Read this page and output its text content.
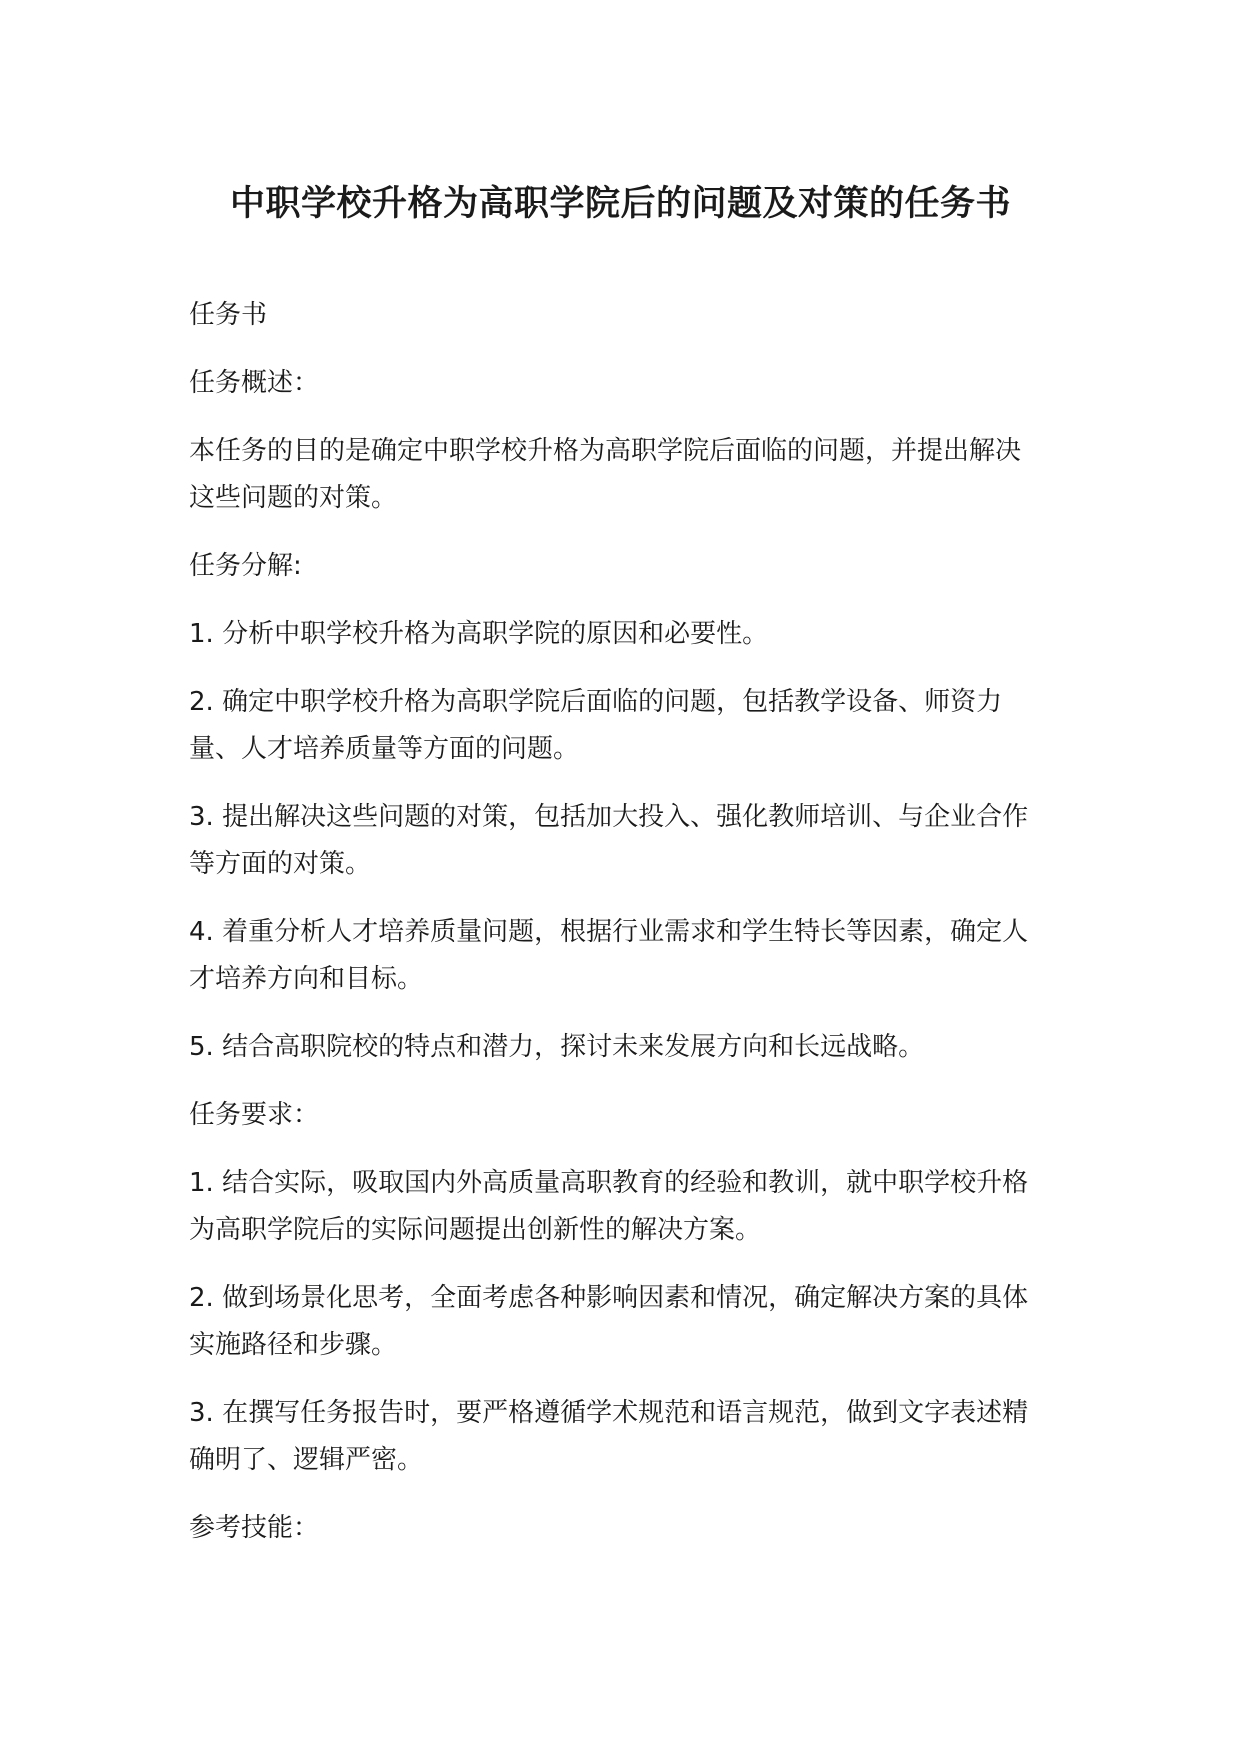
中职学校升格为高职学院后的问题及对策的任务书

任务书

任务概述：

本任务的目的是确定中职学校升格为高职学院后面临的问题，并提出解决这些问题的对策。

任务分解:

1. 分析中职学校升格为高职学院的原因和必要性。

2. 确定中职学校升格为高职学院后面临的问题，包括教学设备、师资力量、人才培养质量等方面的问题。

3. 提出解决这些问题的对策，包括加大投入、强化教师培训、与企业合作等方面的对策。

4. 着重分析人才培养质量问题，根据行业需求和学生特长等因素，确定人才培养方向和目标。

5. 结合高职院校的特点和潜力，探讨未来发展方向和长远战略。

任务要求：

1. 结合实际，吸取国内外高质量高职教育的经验和教训，就中职学校升格为高职学院后的实际问题提出创新性的解决方案。

2. 做到场景化思考，全面考虑各种影响因素和情况，确定解决方案的具体实施路径和步骤。

3. 在撰写任务报告时，要严格遵循学术规范和语言规范，做到文字表述精确明了、逻辑严密。

参考技能：
